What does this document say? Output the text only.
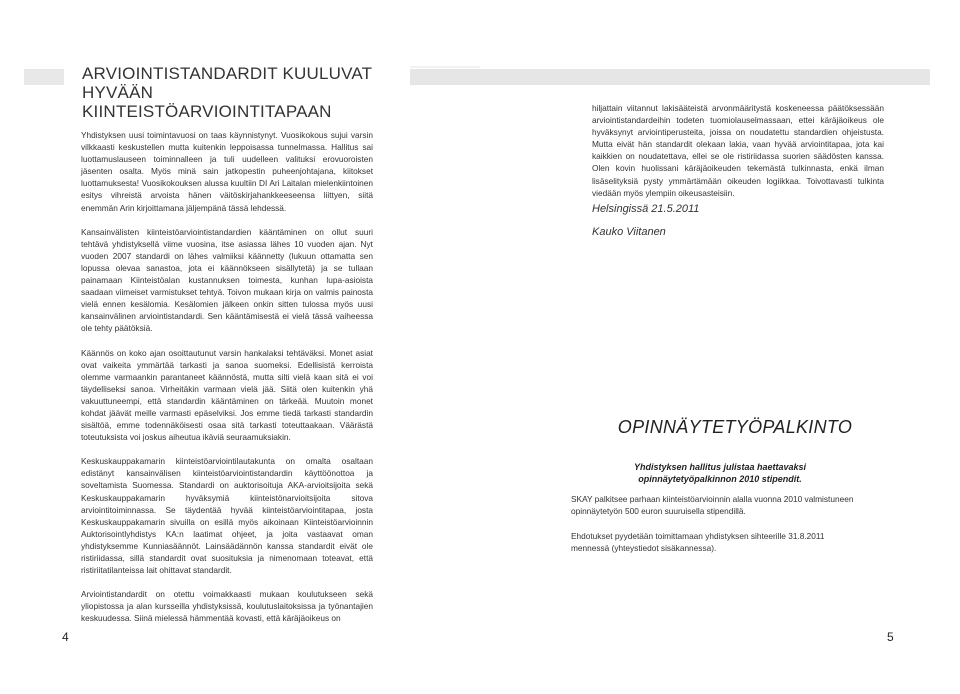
ARVIOINTISTANDARDIT KUULUVAT
HYVÄÄN KIINTEISTÖARVIOINTITAPAAN

Yhdistyksen uusi toimintavuosi on taas käynnistynyt. Vuosikokous sujui varsin vilkkaasti keskustellen mutta kuitenkin leppoisassa tunnelmassa. Hallitus sai luottamuslauseen toiminnalleen ja tuli uudelleen valituksi erovuoroisten jäsenten osalta. Myös minä sain jatkopestin puheenjohtajana, kiitokset luottamuksesta! Vuosikokouksen alussa kuultiin DI Ari Laitalan mielenkiintoinen esitys vihreistä arvoista hänen väitöskirjahankkeeseensa liittyen, siitä enemmän Arin kirjoittamana jäljempänä tässä lehdessä.

Kansainvälisten kiinteistöarviointistandardien kääntäminen on ollut suuri tehtävä yhdistyksellä viime vuosina, itse asiassa lähes 10 vuoden ajan. Nyt vuoden 2007 standardi on lähes valmiiksi käännetty (lukuun ottamatta sen lopussa olevaa sanastoa, jota ei käännökseen sisällytetä) ja se tullaan painamaan Kiinteistöalan kustannuksen toimesta, kunhan lupa-asioista saadaan viimeiset varmistukset tehtyä. Toivon mukaan kirja on valmis painosta vielä ennen kesälomia. Kesälomien jälkeen onkin sitten tulossa myös uusi kansainvälinen arviointistandardi. Sen kääntämisestä ei vielä tässä vaiheessa ole tehty päätöksiä.

Käännös on koko ajan osoittautunut varsin hankalaksi tehtäväksi. Monet asiat ovat vaikeita ymmärtää tarkasti ja sanoa suomeksi. Edellisistä kerroista olemme varmaankin parantaneet käännöstä, mutta silti vielä kaan sitä ei voi täydelliseksi sanoa. Virheitäkin varmaan vielä jää. Siitä olen kuitenkin yhä vakuuttuneempi, että standardin kääntäminen on tärkeää. Muutoin monet kohdat jäävät meille varmasti epäselviksi. Jos emme tiedä tarkasti standardin sisältöä, emme todennäköisesti osaa sitä tarkasti toteuttaakaan. Väärästä toteutuksista voi joskus aiheutua ikäviä seuraamuksiakin.

Keskuskauppakamarin kiinteistöarviointilautakunta on omalta osaltaan edistänyt kansainvälisen kiinteistöarviointistandardin käyttöönottoa ja soveltamista Suomessa. Standardi on auktorisoituja AKA-arvioitsijoita sekä Keskuskauppakamarin hyväksymiä kiinteistönarvioitsijoita sitova arviointitoiminnassa. Se täydentää hyvää kiinteistöarviointitapaa, josta Keskuskauppakamarin sivuilla on esillä myös aikoinaan Kiinteistöarvioinnin Auktorisointlyhdistys KA:n laatimat ohjeet, ja joita vastaavat oman yhdistyksemme Kunniasäännöt. Lainsäädännön kanssa standardit eivät ole ristiriidassa, sillä standardit ovat suosituksia ja nimenomaan toteavat, että ristiriitatilanteissa lait ohittavat standardit.

Arviointistandardit on otettu voimakkaasti mukaan koulutukseen sekä yliopistossa ja alan kursseilla yhdistyksissä, koulutuslaitoksissa ja työnantajien keskuudessa. Siinä mielessä hämmentää kovasti, että käräjäoikeus on

hiljattain viitannut lakisääteistä arvonmääritystä koskeneessa päätöksessään arviointistandardeihin todeten tuomiolauselmassaan, ettei käräjäoikeus ole hyväksynyt arviointiperusteita, joissa on noudatettu standardien ohjeistusta. Mutta eivät hän standardit olekaan lakia, vaan hyvää arviointitapaa, jota kai kaikkien on noudatettava, ellei se ole ristiriidassa suorien säädösten kanssa. Olen kovin huolissani käräjäoikeuden tekemästä tulkinnasta, enkä ilman lisäselityksiä pysty ymmärtämään oikeuden logiikkaa. Toivottavasti tulkinta viedään myös ylempiin oikeusasteisiin.

Helsingissä 21.5.2011
Kauko Viitanen
OPINNÄYTETYÖPALKINTO
Yhdistyksen hallitus julistaa haettavaksi
opinnäytetyöpalkinnon 2010 stipendit.
SKAY palkitsee parhaan kiinteistöarvioinnin alalla vuonna 2010 valmistuneen opinnäytetyön 500 euron suuruisella stipendillä.
Ehdotukset pyydetään toimittamaan yhdistyksen sihteerille 31.8.2011 mennessä (yhteystiedot sisäkannessa).
4	5
